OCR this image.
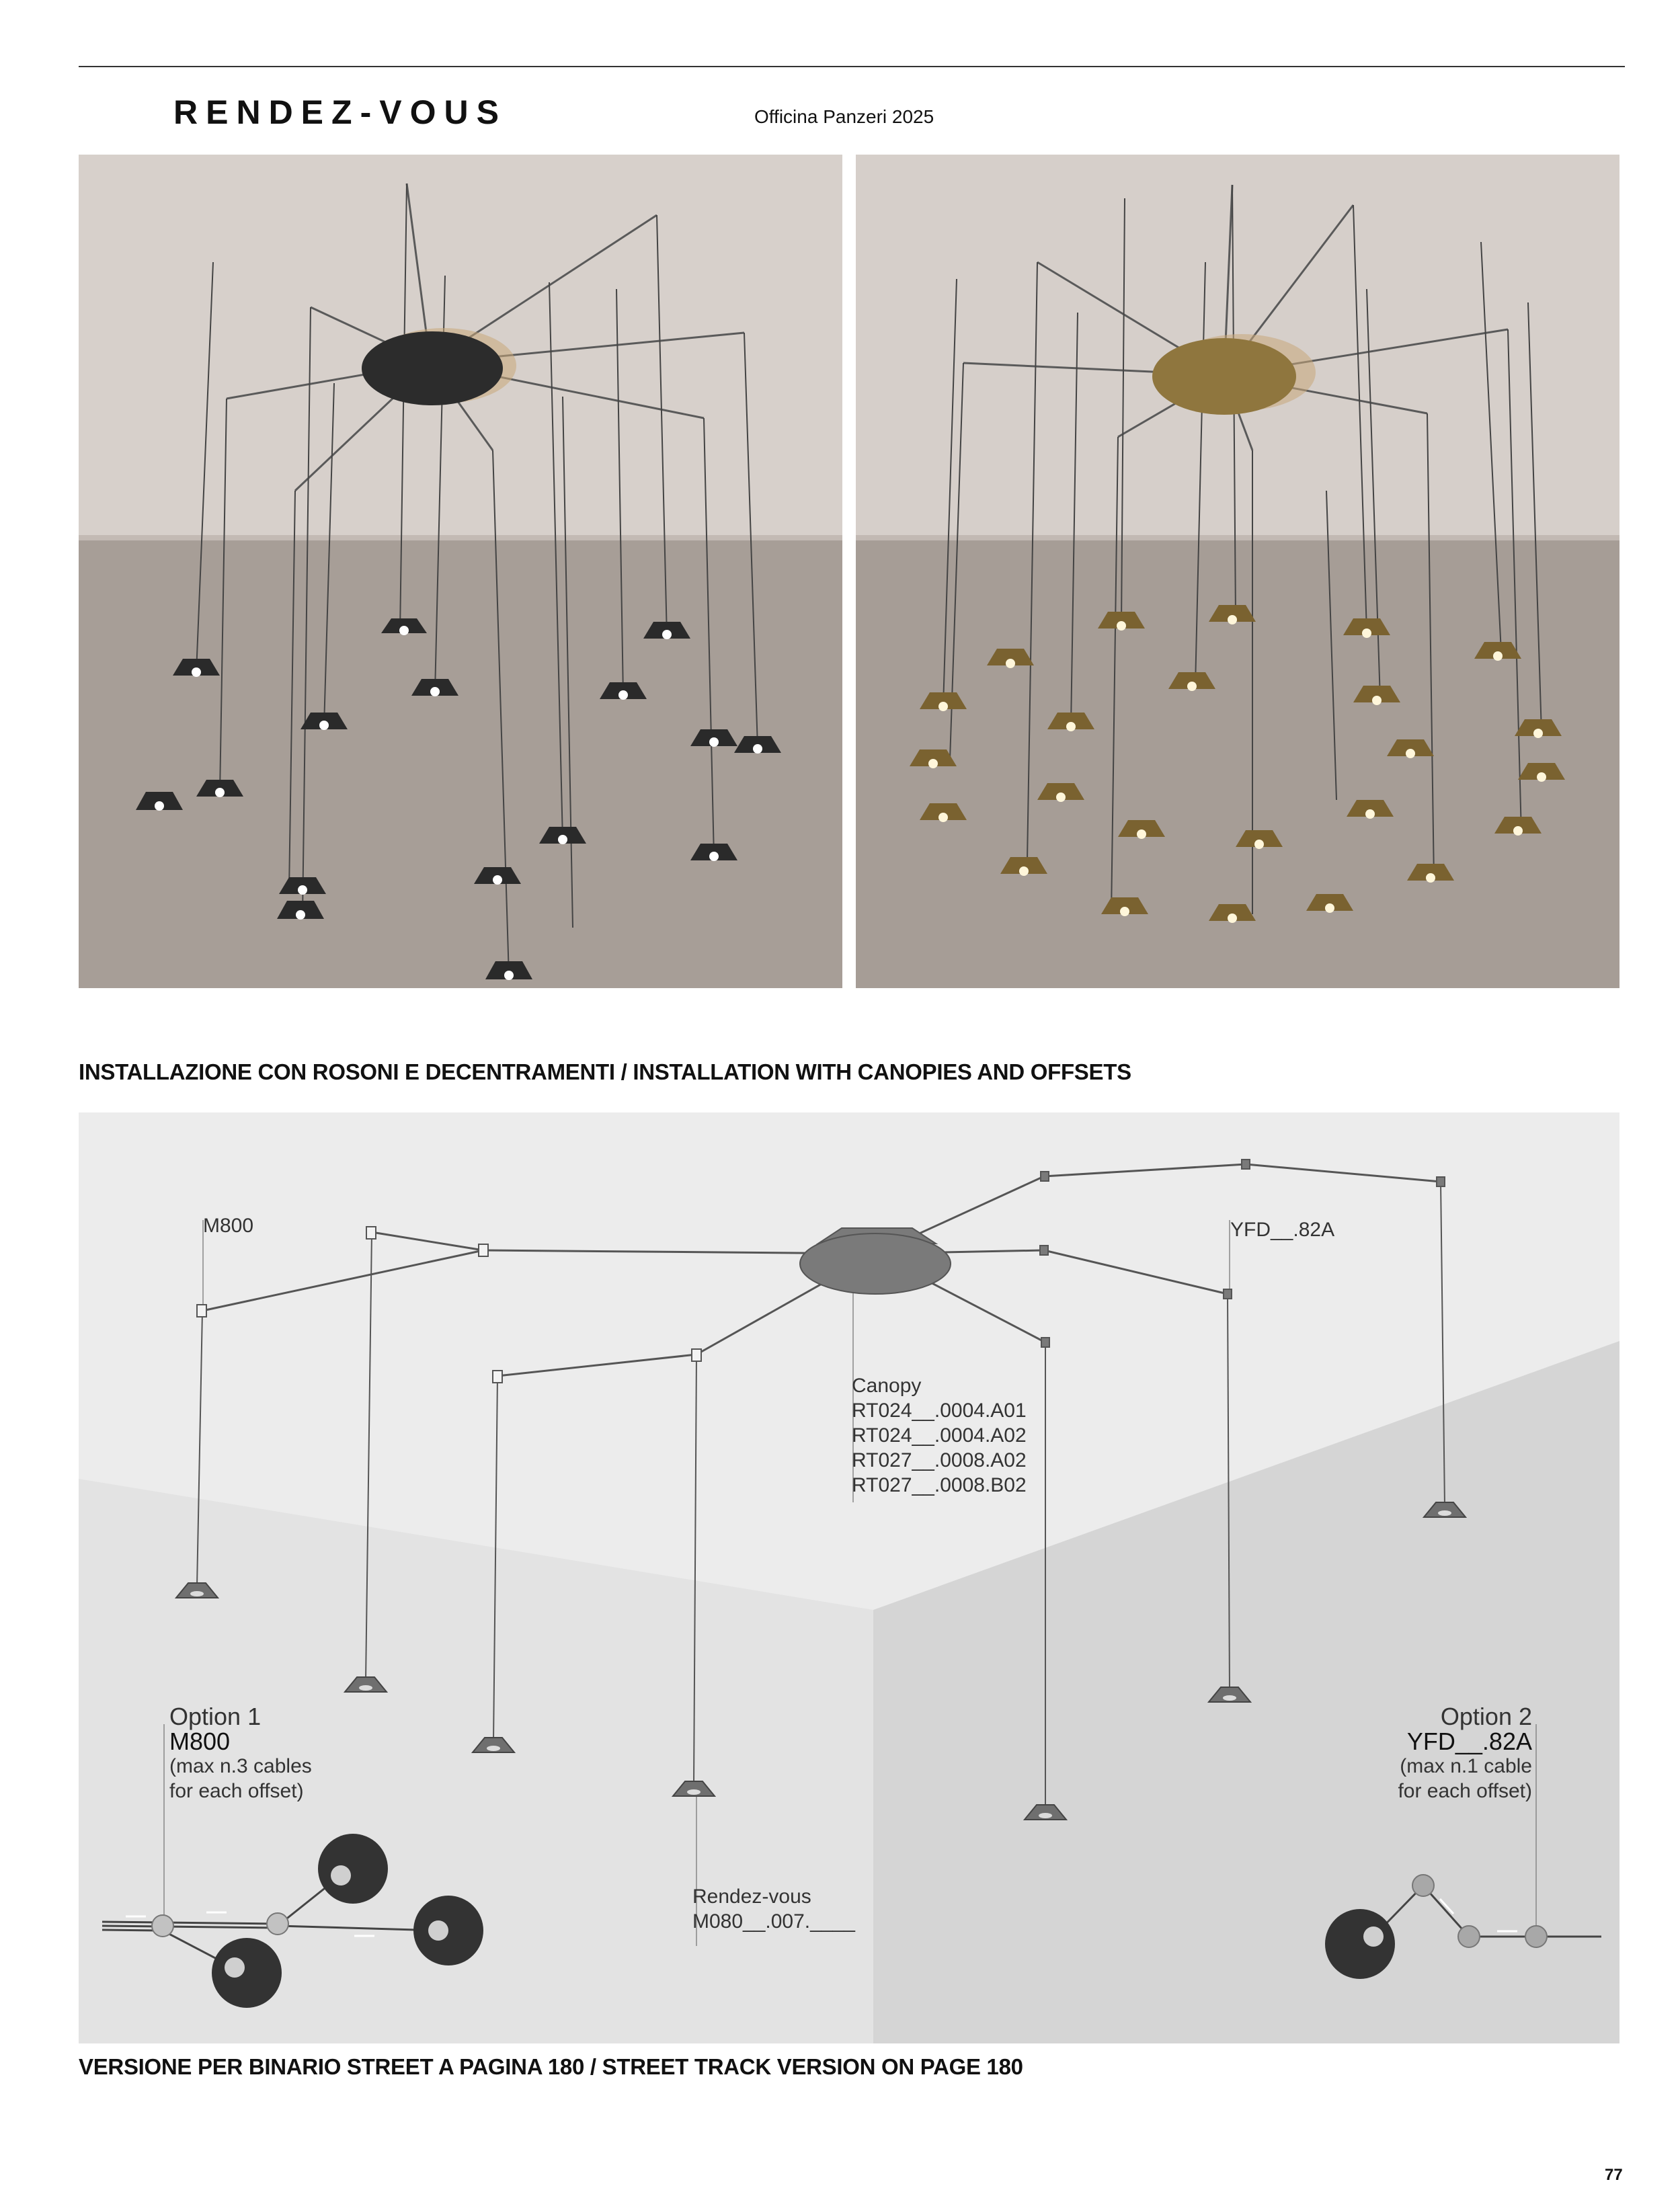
RENDEZ-VOUS	Officina Panzeri 2025
INSTALLAZIONE CON ROSONI E DECENTRAMENTI / INSTALLATION WITH CANOPIES AND OFFSETS
M800	YFD__.82A
Canopy
RT024__.0004.A01
RT024__.0004.A02
RT027__.0008.A02
RT027__.0008.B02
Rendez-vous
M080__.007.____
Option 1
M800
(max n.3 cables
for each offset)
Option 2
YFD__.82A
(max n.1 cable
for each offset)
VERSIONE PER BINARIO STREET A PAGINA 180 / STREET TRACK VERSION ON PAGE 180
77
